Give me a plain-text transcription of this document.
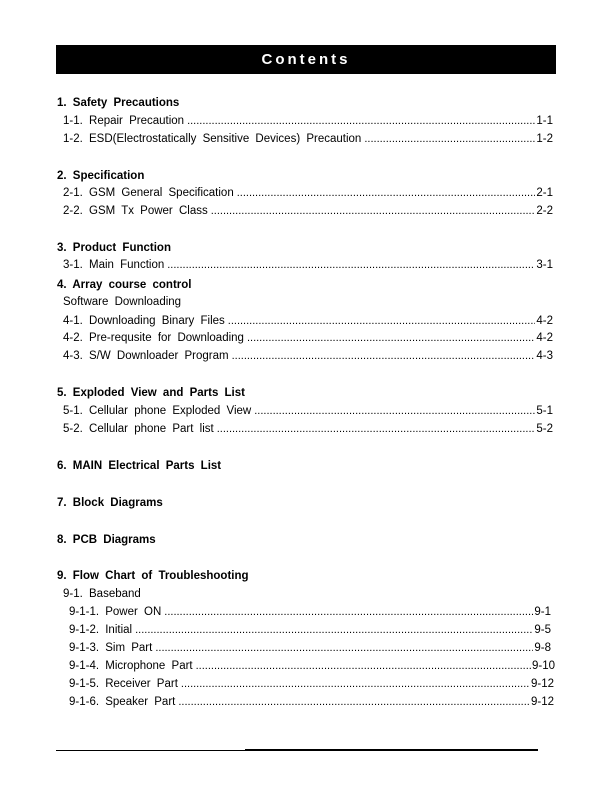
Contents
1. Safety Precautions
1-1. Repair Precaution .....	1-1
1-2. ESD(Electrostatically Sensitive Devices) Precaution .....	1-2
2. Specification
2-1. GSM General Specification .....	2-1
2-2. GSM Tx Power Class .....	2-2
3. Product Function
3-1. Main Function .....	3-1
4. Array course control
Software Downloading
4-1. Downloading Binary Files .....	4-2
4-2. Pre-requsite for Downloading .....	4-2
4-3. S/W Downloader Program .....	4-3
5. Exploded View and Parts List
5-1. Cellular phone Exploded View .....	5-1
5-2. Cellular phone Part list .....	5-2
6. MAIN Electrical Parts List
7. Block Diagrams
8. PCB Diagrams
9. Flow Chart of Troubleshooting
9-1. Baseband
9-1-1. Power ON .....	9-1
9-1-2. Initial .....	9-5
9-1-3. Sim Part .....	9-8
9-1-4. Microphone Part .....	9-10
9-1-5. Receiver Part .....	9-12
9-1-6. Speaker Part .....	9-12
